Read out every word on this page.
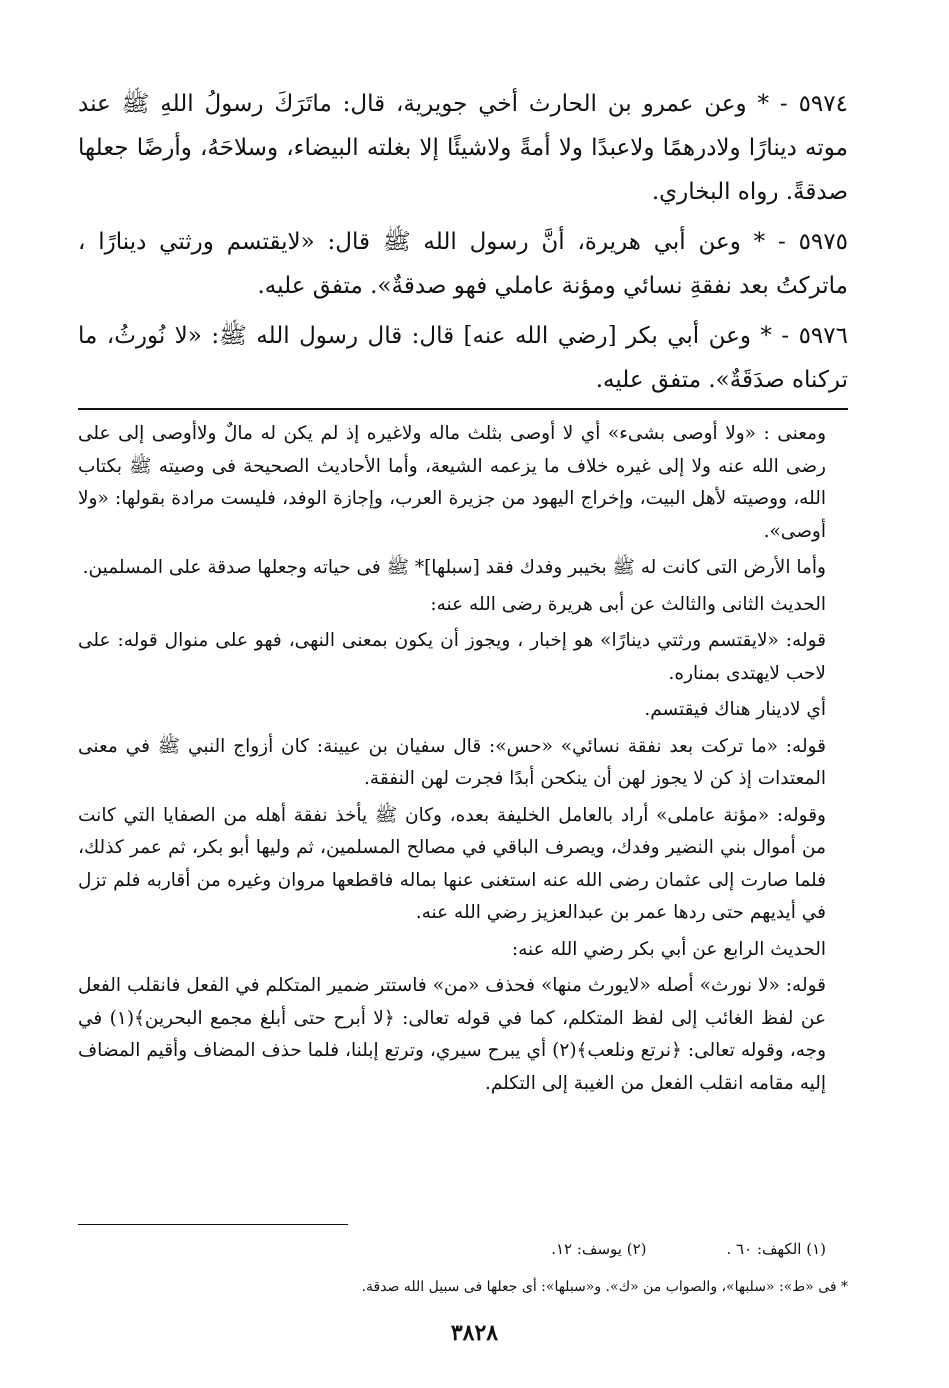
٥٩٧٤ - * وعن عمرو بن الحارث أخي جويرية، قال: ماتَرَكَ رسولُ اللهِ ﷺ عند موته دينارًا ولادرهمًا ولاعبدًا ولا أمةً ولاشيئًا إلا بغلته البيضاء، وسلاحَهُ، وأرضًا جعلها صدقةً. رواه البخاري.

٥٩٧٥ - * وعن أبي هريرة، أنَّ رسول الله ﷺ قال: «لايقتسم ورثتي دينارًا ، ماتركتُ بعد نفقةِ نسائي ومؤنة عاملي فهو صدقةٌ». متفق عليه.

٥٩٧٦ - * وعن أبي بكر [رضي الله عنه] قال: قال رسول الله ﷺ: «لا نُورثُ، ما تركناه صدَقَةٌ». متفق عليه.

ومعنى : «ولا أوصى بشىء» أي لا أوصى بثلث ماله ولاغيره إذ لم يكن له مالٌ ولاأوصى إلى على رضى الله عنه ولا إلى غيره خلاف ما يزعمه الشيعة، وأما الأحاديث الصحيحة فى وصيته ﷺ بكتاب الله، ووصيته لأهل البيت، وإخراج اليهود من جزيرة العرب، وإجازة الوفد، فليست مرادة بقولها: «ولا أوصى».

وأما الأرض التى كانت له ﷺ بخيبر وفدك فقد [سبلها]* ﷺ فى حياته وجعلها صدقة على المسلمين.

الحديث الثانى والثالث عن أبى هريرة رضى الله عنه:

قوله: «لايقتسم ورثتي دينارًا» هو إخبار ، ويجوز أن يكون بمعنى النهى، فهو على منوال قوله: على لاحب لايهتدى بمناره.

أي لادينار هناك فيقتسم.

قوله: «ما تركت بعد نفقة نسائي» «حس»: قال سفيان بن عيينة: كان أزواج النبي ﷺ في معنى المعتدات إذ كن لا يجوز لهن أن ينكحن أبدًا فجرت لهن النفقة.

وقوله: «مؤنة عاملى» أراد بالعامل الخليفة بعده، وكان ﷺ يأخذ نفقة أهله من الصفايا التي كانت من أموال بني النضير وفدك، ويصرف الباقي في مصالح المسلمين، ثم وليها أبو بكر، ثم عمر كذلك، فلما صارت إلى عثمان رضى الله عنه استغنى عنها بماله فاقطعها مروان وغيره من أقاربه فلم تزل في أيديهم حتى ردها عمر بن عبدالعزيز رضي الله عنه.

الحديث الرابع عن أبي بكر رضي الله عنه:

قوله: «لا نورث» أصله «لايورث منها» فحذف «من» فاستتر ضمير المتكلم في الفعل فانقلب الفعل عن لفظ الغائب إلى لفظ المتكلم، كما في قوله تعالى: ﴿لا أبرح حتى أبلغ مجمع البحرين﴾(١) في وجه، وقوله تعالى: ﴿نرتع ونلعب﴾(٢) أي يبرح سيري، وترتع إبلنا، فلما حذف المضاف وأقيم المضاف إليه مقامه انقلب الفعل من الغيبة إلى التكلم.

(١) الكهف: ٦٠ .
(٢) يوسف: ١٢.
* فى «ط»: «سلبها»، والصواب من «ك». و«سبلها»: أى جعلها فى سبيل الله صدقة.
٣٨٢٨
